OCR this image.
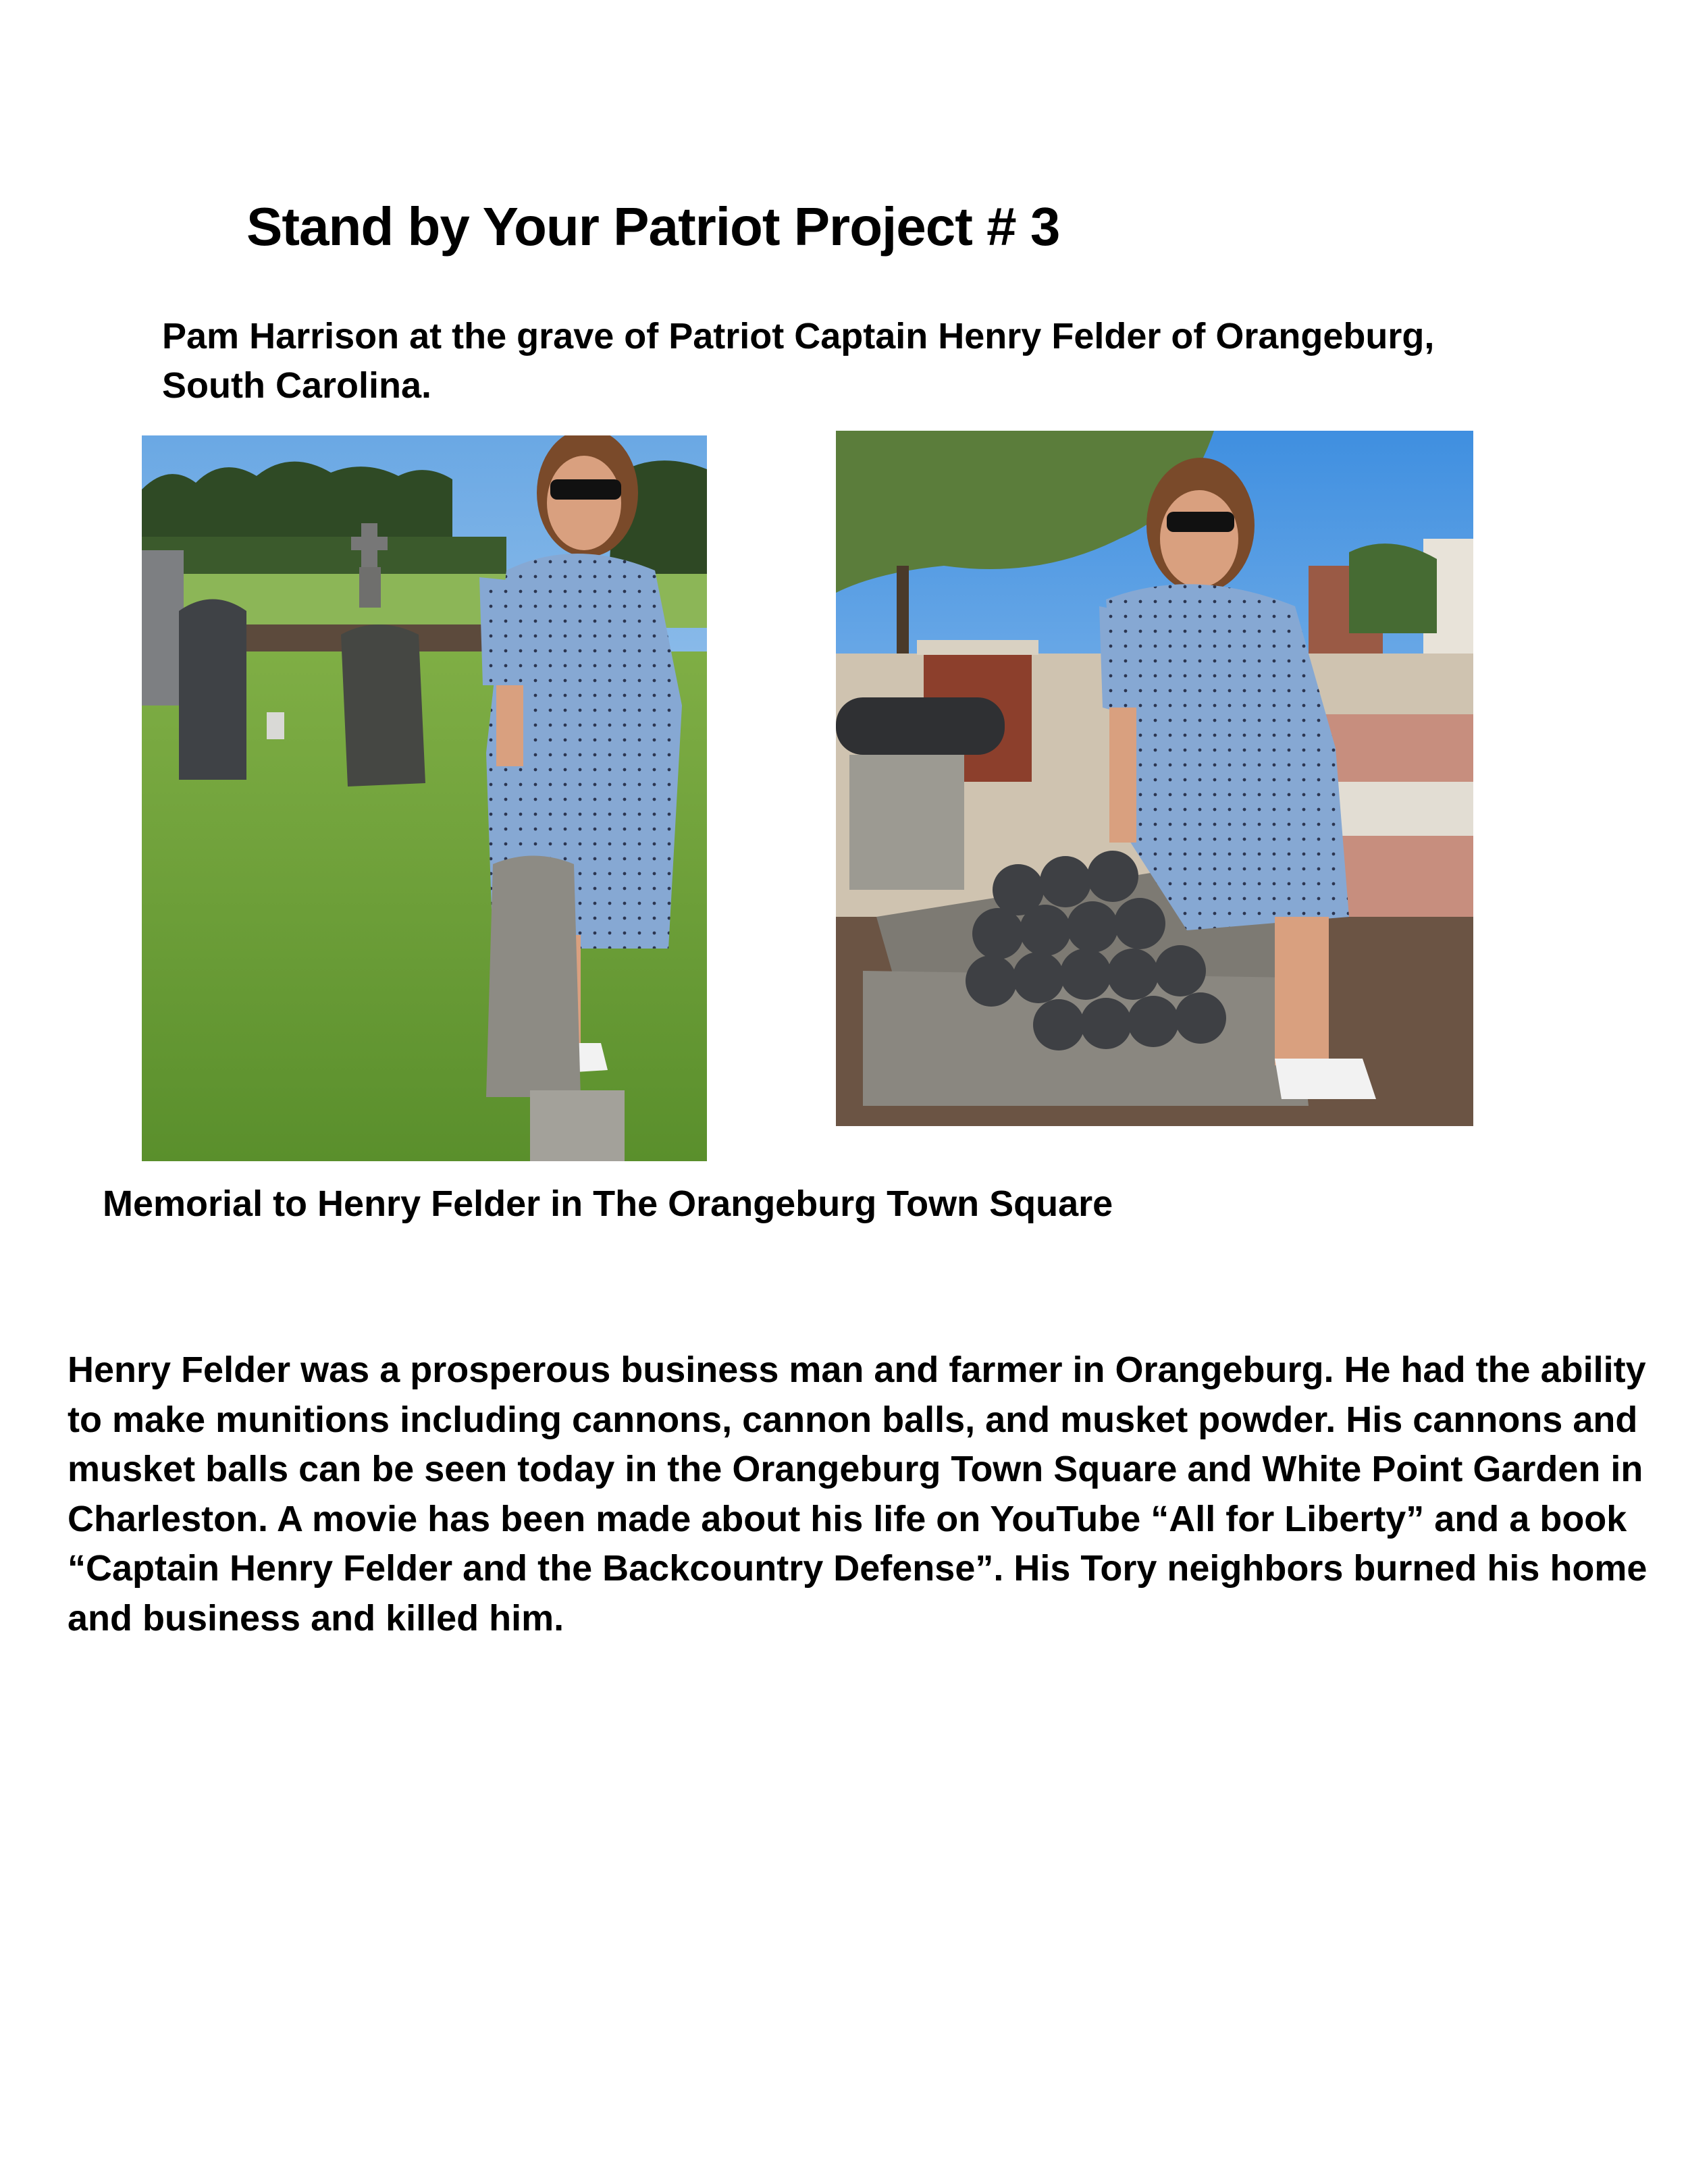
Stand by Your Patriot Project # 3

Pam Harrison at the grave of Patriot Captain Henry Felder of Orangeburg, South Carolina.

Memorial to Henry Felder in The Orangeburg Town Square

Henry Felder was a prosperous business man and farmer in Orangeburg. He had the ability to make munitions including cannons, cannon balls, and musket powder. His cannons and musket balls can be seen today in the Orangeburg Town Square and White Point Garden in Charleston. A movie has been made about his life on YouTube “All for Liberty” and a book “Captain Henry Felder and the Backcountry Defense”. His Tory neighbors burned his home and business and killed him.
